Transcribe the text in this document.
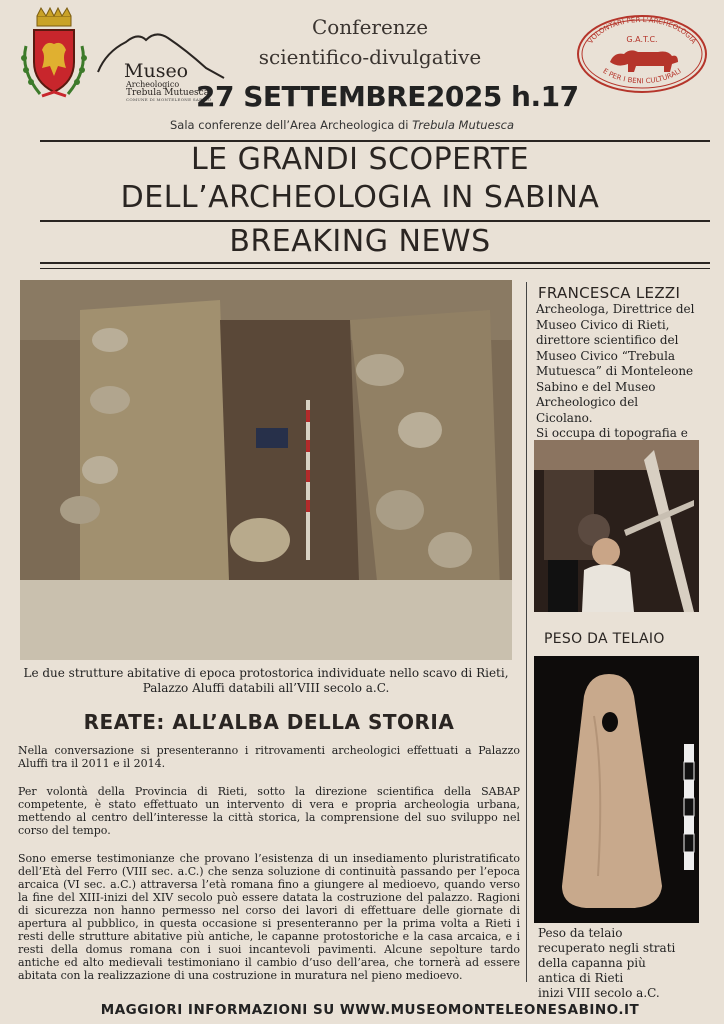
Museo
Archeologico
Trebula Mutuesca
COMUNE DI MONTELEONE SABINO
VOLONTARI PER L'ARCHEOLOGIA
E PER I BENI CULTURALI
G.A.T.C.
Conferenze
scientifico-divulgative
27 SETTEMBRE2025 h.17
Sala conferenze dell’Area Archeologica di Trebula Mutuesca
LE GRANDI SCOPERTE
DELL’ARCHEOLOGIA IN SABINA
BREAKING NEWS
Le due strutture abitative di epoca protostorica individuate nello scavo di Rieti,
Palazzo Aluffi databili all’VIII secolo a.C.
FRANCESCA LEZZI
Archeologa, Direttrice del
Museo Civico di Rieti,
direttore scientifico del
Museo Civico “Trebula
Mutuesca” di Monteleone
Sabino e del Museo
Archeologico del
Cicolano.
Si occupa di topografia e

PESO DA TELAIO
Peso da telaio
recuperato negli strati
della capanna più
antica di Rieti
inizi VIII secolo a.C.
REATE: ALL’ALBA DELLA STORIA

Nella conversazione si presenteranno i ritrovamenti archeologici effettuati a Palazzo Aluffi tra il 2011 e il 2014.

Per volontà della Provincia di Rieti, sotto la direzione scientifica della SABAP competente, è stato effettuato un intervento di vera e propria archeologia urbana, mettendo al centro dell’interesse la città storica, la comprensione del suo sviluppo nel corso del tempo.

Sono emerse testimonianze che provano l’esistenza di un insediamento pluristratificato dell’Età del Ferro (VIII sec. a.C.) che senza soluzione di continuità passando per l’epoca arcaica (VI sec. a.C.) attraversa l’età romana fino a giungere al medioevo, quando verso la fine del XIII-inizi del XIV secolo può essere datata la costruzione del palazzo. Ragioni di sicurezza non hanno permesso nel corso dei lavori di effettuare delle giornate di apertura al pubblico, in questa occasione si presenteranno per la prima volta a Rieti i resti delle strutture abitative più antiche, le capanne protostoriche e la casa arcaica, e i resti della domus romana con i suoi incantevoli pavimenti. Alcune sepolture tardo antiche ed alto medievali testimoniano il cambio d’uso dell’area, che tornerà ad essere abitata con la realizzazione di una costruzione in muratura nel pieno medioevo.

MAGGIORI INFORMAZIONI SU WWW.MUSEOMONTELEONESABINO.IT
